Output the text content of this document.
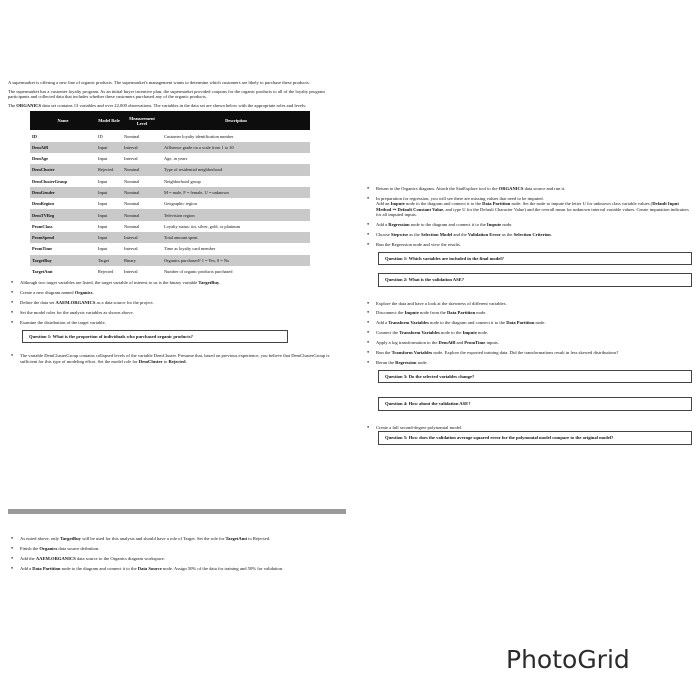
A supermarket is offering a new line of organic products. The supermarket's management wants to determine which customers are likely to purchase these products.

The supermarket has a customer loyalty program. As an initial buyer incentive plan, the supermarket provided coupons for the organic products to all of the loyalty program participants and collected data that includes whether these customers purchased any of the organic products.

The ORGANICS data set contains 13 variables and over 22,000 observations. The variables in the data set are shown below with the appropriate roles and levels:

Name	Model Role	Measurement Level	Description
ID	ID	Nominal	Customer loyalty identification number
DemAffl	Input	Interval	Affluence grade on a scale from 1 to 30
DemAge	Input	Interval	Age, in years
DemCluster	Rejected	Nominal	Type of residential neighborhood
DemClusterGroup	Input	Nominal	Neighborhood group
DemGender	Input	Nominal	M = male, F = female, U = unknown
DemRegion	Input	Nominal	Geographic region
DemTVReg	Input	Nominal	Television region
PromClass	Input	Nominal	Loyalty status: tin, silver, gold, or platinum
PromSpend	Input	Interval	Total amount spent
PromTime	Input	Interval	Time as loyalty card member
TargetBuy	Target	Binary	Organics purchased? 1 = Yes, 0 = No
TargetAmt	Rejected	Interval	Number of organic products purchased
● Although two target variables are listed, the target variable of interest to us is the binary variable TargetBuy.
● Create a new diagram named Organics.
● Define the data set AAEM.ORGANICS as a data source for the project.
● Set the model roles for the analysis variables as shown above.
● Examine the distribution of the target variable.
Question 1: What is the proportion of individuals who purchased organic products?
● The variable DemClusterGroup contains collapsed levels of the variable DemCluster. Presume that, based on previous experience, you believe that DemClusterGroup is sufficient for this type of modeling effort. Set the model role for DemCluster to Rejected.
● As noted above, only TargetBuy will be used for this analysis and should have a role of Target. Set the role for TargetAmt to Rejected.
● Finish the Organics data source definition.
● Add the AAEM.ORGANICS data source to the Organics diagram workspace.
● Add a Data Partition node to the diagram and connect it to the Data Source node. Assign 50% of the data for training and 50% for validation.
● Return to the Organics diagram. Attach the StatExplore tool to the ORGANICS data source and run it.
● In preparation for regression, you will see there are missing values that need to be imputed.
Add an Impute node to the diagram and connect it to the Data Partition node. Set the node to impute the letter U for unknown class variable values (Default Input Method ⇒ Default Constant Value, and type U for the Default Character Value) and the overall mean for unknown interval variable values. Create imputation indicators for all imputed inputs.
● Add a Regression node to the diagram and connect it to the Impute node.
● Choose Stepwise as the Selection Model and the Validation Error as the Selection Criterion.
● Run the Regression node and view the results.
Question 1: Which variables are included in the final model?
Question 2: What is the validation ASE?
● Explore the data and have a look at the skewness of different variables.
● Disconnect the Impute node from the Data Partition node.
● Add a Transform Variables node to the diagram and connect it to the Data Partition node.
● Connect the Transform Variables node to the Impute node.
● Apply a log transformation to the DemAffl and PromTime inputs.
● Run the Transform Variables node. Explore the exported training data. Did the transformations result in less skewed distributions?
● Rerun the Regression node.
Question 3: Do the selected variables change?
Question 4: How about the validation ASE?
● Create a full second-degree polynomial model.
Question 5: How does the validation average squared error for the polynomial model compare to the original model?
PhotoGrid
